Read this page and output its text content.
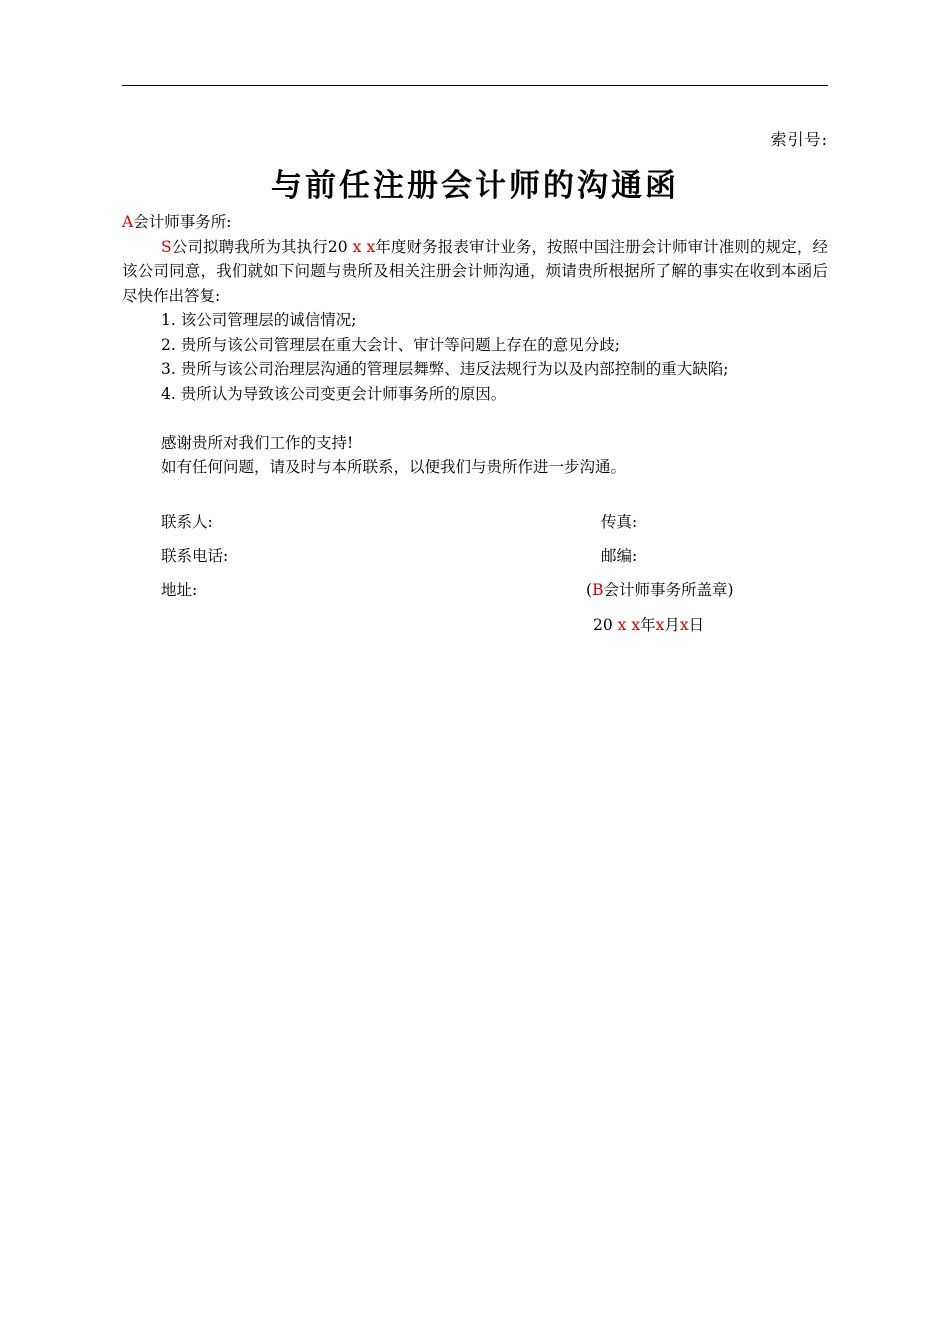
索引号:
与前任注册会计师的沟通函

A会计师事务所:

S公司拟聘我所为其执行20 x x年度财务报表审计业务，按照中国注册会计师审计准则的规定，经该公司同意，我们就如下问题与贵所及相关注册会计师沟通，烦请贵所根据所了解的事实在收到本函后尽快作出答复:

1. 该公司管理层的诚信情况;

2. 贵所与该公司管理层在重大会计、审计等问题上存在的意见分歧;

3. 贵所与该公司治理层沟通的管理层舞弊、违反法规行为以及内部控制的重大缺陷;

4. 贵所认为导致该公司变更会计师事务所的原因。

感谢贵所对我们工作的支持!

如有任何问题，请及时与本所联系，以便我们与贵所作进一步沟通。

联系人:	传真:
联系电话:	邮编:
地址:	(B会计师事务所盖章)
20 x x年x月x日
